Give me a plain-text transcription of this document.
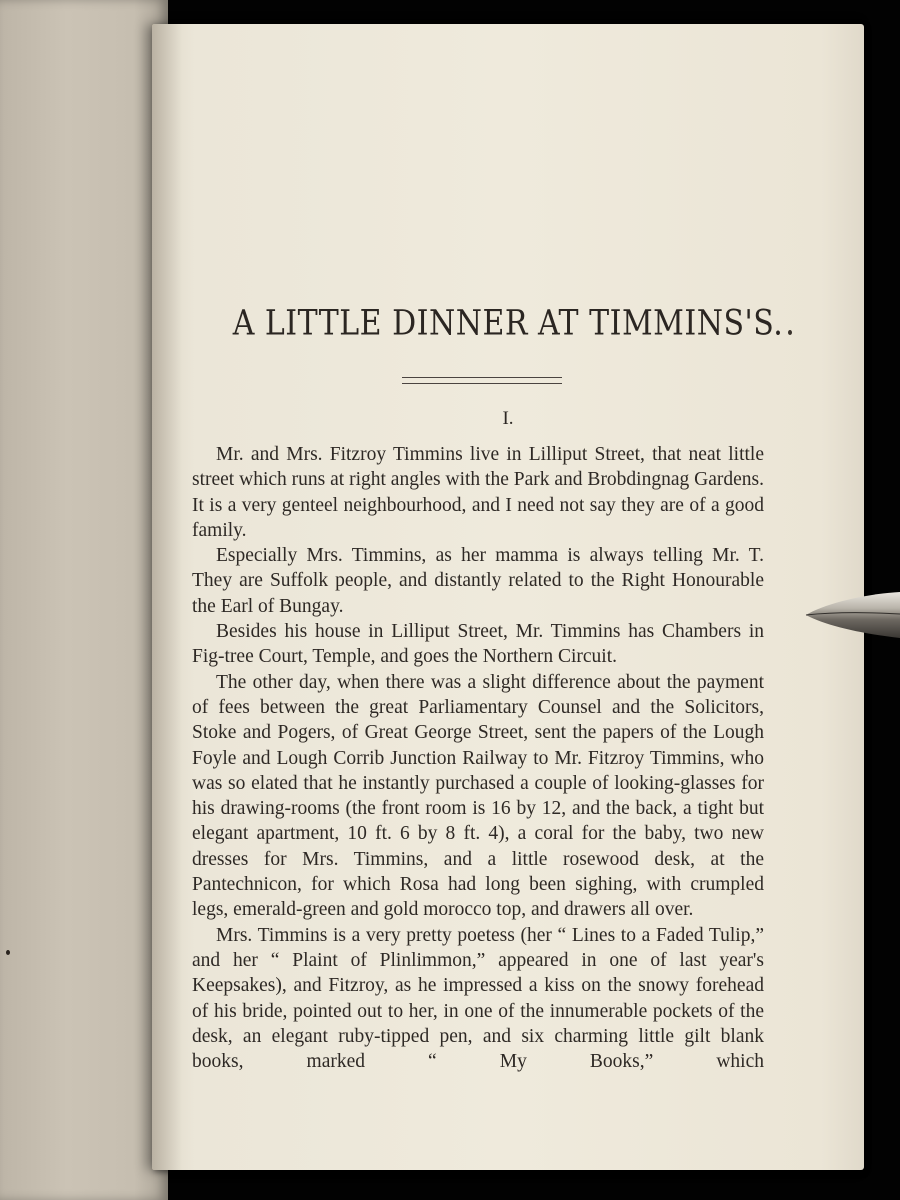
A LITTLE DINNER AT TIMMINS'S.
I.

Mr. and Mrs. Fitzroy Timmins live in Lilliput Street, that neat little street which runs at right angles with the Park and Brobdingnag Gardens. It is a very genteel neighbourhood, and I need not say they are of a good family.

Especially Mrs. Timmins, as her mamma is always telling Mr. T. They are Suffolk people, and distantly related to the Right Honourable the Earl of Bungay.

Besides his house in Lilliput Street, Mr. Timmins has Chambers in Fig-tree Court, Temple, and goes the Northern Circuit.

The other day, when there was a slight difference about the payment of fees between the great Parliamentary Counsel and the Solicitors, Stoke and Pogers, of Great George Street, sent the papers of the Lough Foyle and Lough Corrib Junction Railway to Mr. Fitzroy Timmins, who was so elated that he instantly purchased a couple of looking-glasses for his drawing-rooms (the front room is 16 by 12, and the back, a tight but elegant apartment, 10 ft. 6 by 8 ft. 4), a coral for the baby, two new dresses for Mrs. Timmins, and a little rosewood desk, at the Pantechnicon, for which Rosa had long been sighing, with crumpled legs, emerald-green and gold morocco top, and drawers all over.

Mrs. Timmins is a very pretty poetess (her “ Lines to a Faded Tulip,” and her “ Plaint of Plinlimmon,” appeared in one of last year's Keepsakes), and Fitzroy, as he impressed a kiss on the snowy forehead of his bride, pointed out to her, in one of the innumerable pockets of the desk, an elegant ruby-tipped pen, and six charming little gilt blank books, marked “ My Books,” which
